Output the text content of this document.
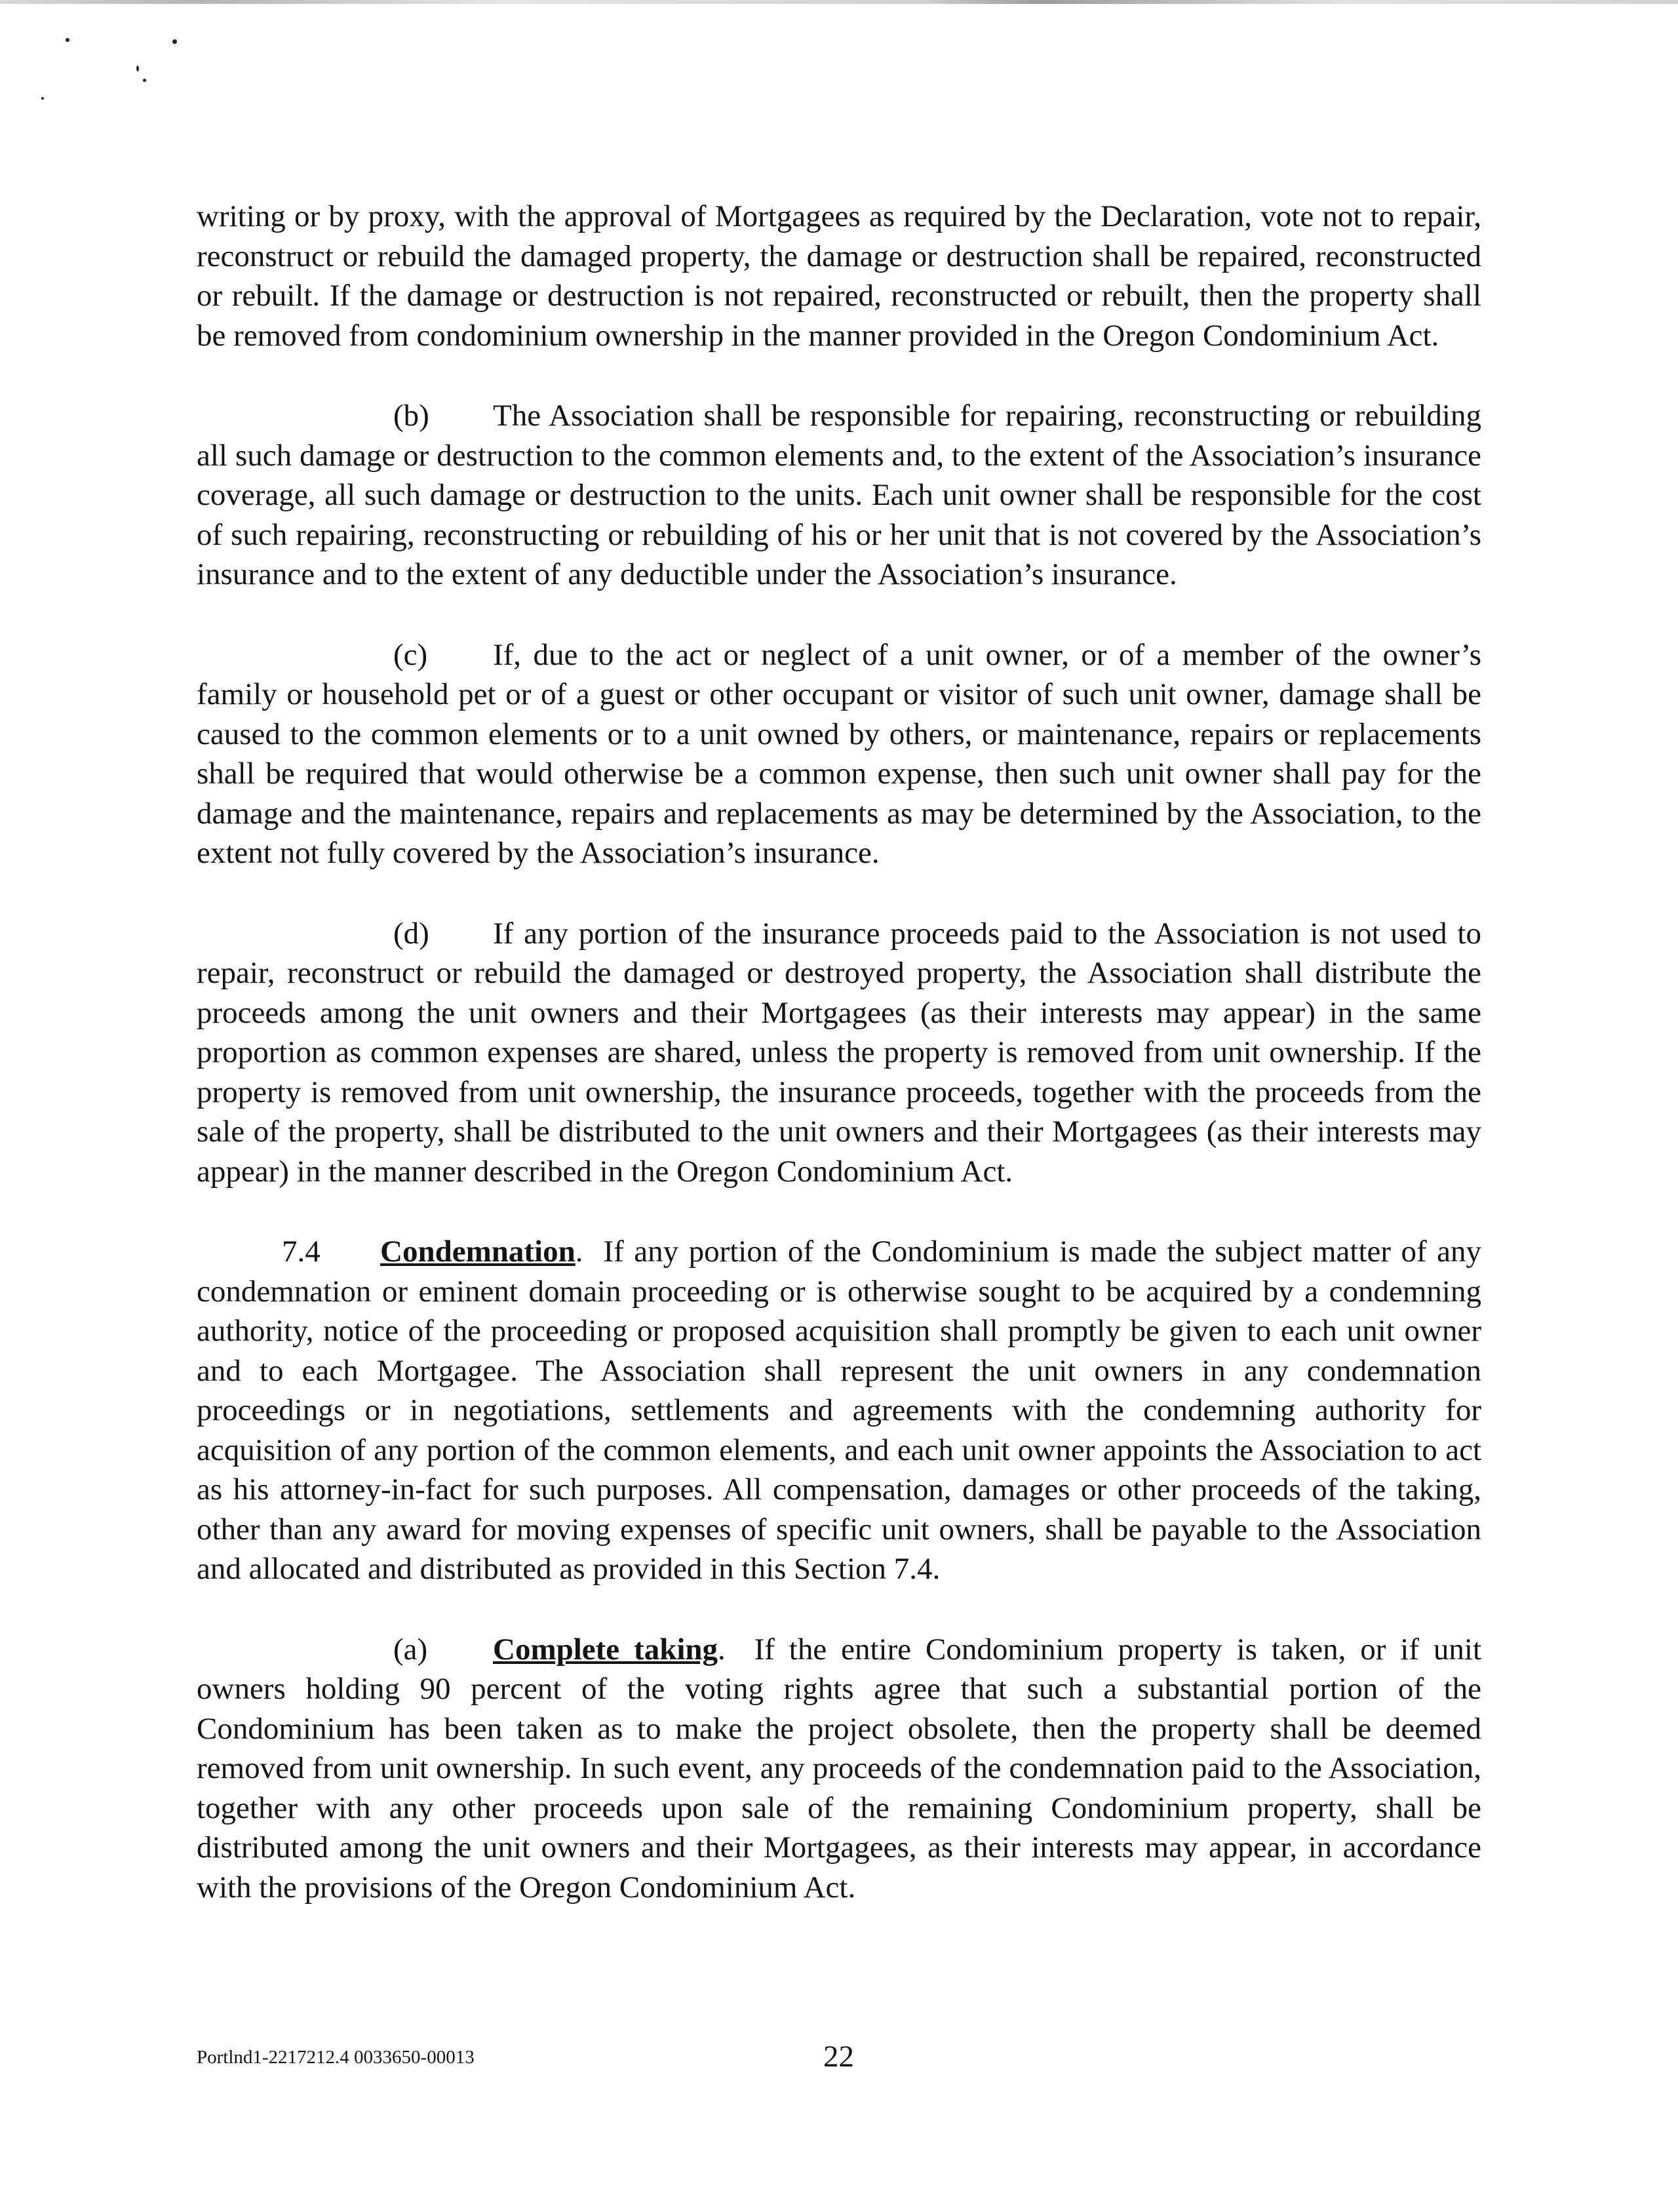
writing or by proxy, with the approval of Mortgagees as required by the Declaration, vote not to repair, reconstruct or rebuild the damaged property, the damage or destruction shall be repaired, reconstructed or rebuilt. If the damage or destruction is not repaired, reconstructed or rebuilt, then the property shall be removed from condominium ownership in the manner provided in the Oregon Condominium Act.

(b) The Association shall be responsible for repairing, reconstructing or rebuilding all such damage or destruction to the common elements and, to the extent of the Association’s insurance coverage, all such damage or destruction to the units. Each unit owner shall be responsible for the cost of such repairing, reconstructing or rebuilding of his or her unit that is not covered by the Association’s insurance and to the extent of any deductible under the Association’s insurance.

(c) If, due to the act or neglect of a unit owner, or of a member of the owner’s family or household pet or of a guest or other occupant or visitor of such unit owner, damage shall be caused to the common elements or to a unit owned by others, or maintenance, repairs or replacements shall be required that would otherwise be a common expense, then such unit owner shall pay for the damage and the maintenance, repairs and replacements as may be determined by the Association, to the extent not fully covered by the Association’s insurance.

(d) If any portion of the insurance proceeds paid to the Association is not used to repair, reconstruct or rebuild the damaged or destroyed property, the Association shall distribute the proceeds among the unit owners and their Mortgagees (as their interests may appear) in the same proportion as common expenses are shared, unless the property is removed from unit ownership. If the property is removed from unit ownership, the insurance proceeds, together with the proceeds from the sale of the property, shall be distributed to the unit owners and their Mortgagees (as their interests may appear) in the manner described in the Oregon Condominium Act.

7.4 Condemnation.  If any portion of the Condominium is made the subject matter of any condemnation or eminent domain proceeding or is otherwise sought to be acquired by a condemning authority, notice of the proceeding or proposed acquisition shall promptly be given to each unit owner and to each Mortgagee. The Association shall represent the unit owners in any condemnation proceedings or in negotiations, settlements and agreements with the condemning authority for acquisition of any portion of the common elements, and each unit owner appoints the Association to act as his attorney-in-fact for such purposes. All compensation, damages or other proceeds of the taking, other than any award for moving expenses of specific unit owners, shall be payable to the Association and allocated and distributed as provided in this Section 7.4.

(a) Complete taking.  If the entire Condominium property is taken, or if unit owners holding 90 percent of the voting rights agree that such a substantial portion of the Condominium has been taken as to make the project obsolete, then the property shall be deemed removed from unit ownership. In such event, any proceeds of the condemnation paid to the Association, together with any other proceeds upon sale of the remaining Condominium property, shall be distributed among the unit owners and their Mortgagees, as their interests may appear, in accordance with the provisions of the Oregon Condominium Act.

Portlnd1-2217212.4 0033650-00013	22
